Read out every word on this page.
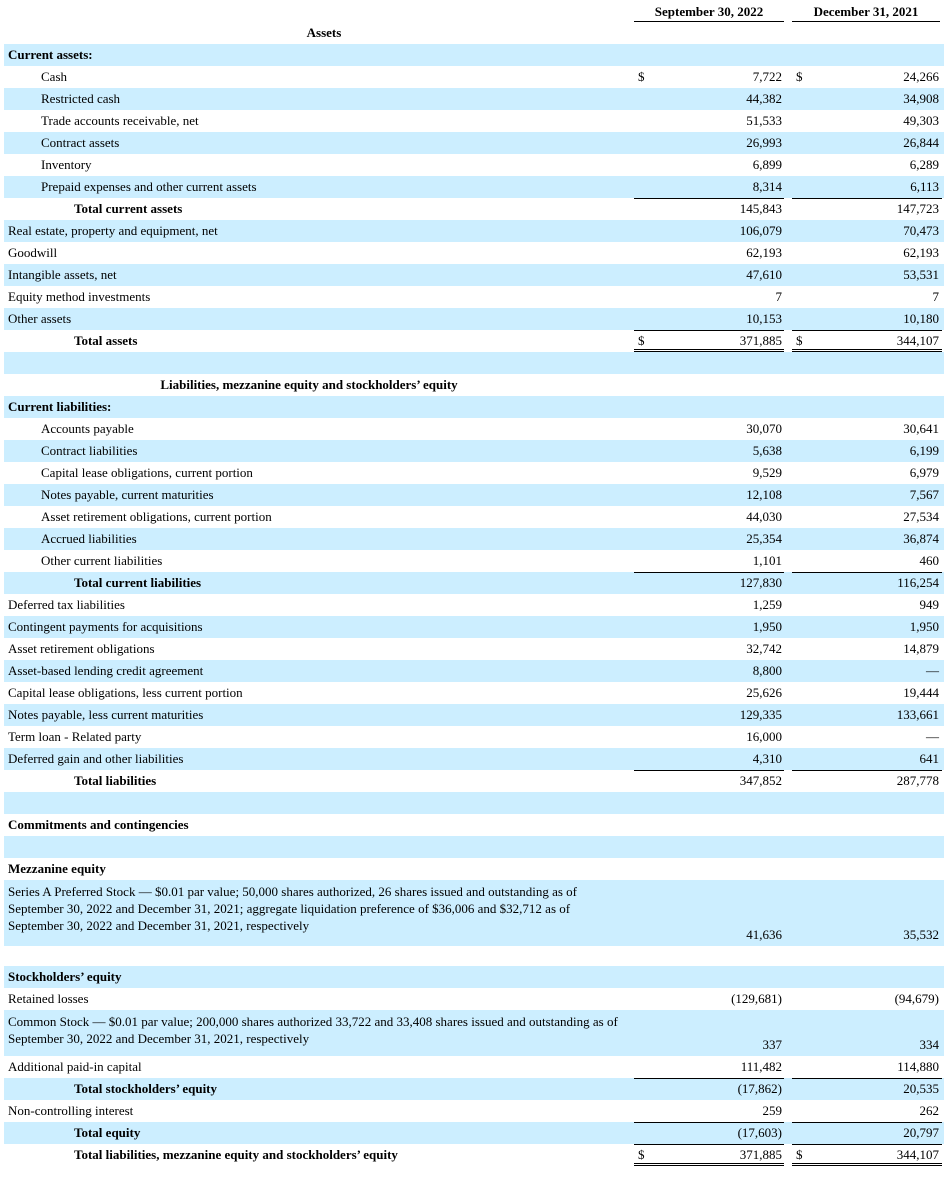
September 30, 2022	December 31, 2021
Assets
Current assets:
Cash	$	7,722 $	24,266
Restricted cash	44,382	34,908
Trade accounts receivable, net	51,533	49,303
Contract assets	26,993	26,844
Inventory	6,899	6,289
Prepaid expenses and other current assets	8,314	6,113
Total current assets	145,843	147,723
Real estate, property and equipment, net	106,079	70,473
Goodwill	62,193	62,193
Intangible assets, net	47,610	53,531
Equity method investments	7	7
Other assets	10,153	10,180
Total assets	$	371,885 $	344,107
Liabilities, mezzanine equity and stockholders’ equity
Current liabilities:
Accounts payable	30,070	30,641
Contract liabilities	5,638	6,199
Capital lease obligations, current portion	9,529	6,979
Notes payable, current maturities	12,108	7,567
Asset retirement obligations, current portion	44,030	27,534
Accrued liabilities	25,354	36,874
Other current liabilities	1,101	460
Total current liabilities	127,830	116,254
Deferred tax liabilities	1,259	949
Contingent payments for acquisitions	1,950	1,950
Asset retirement obligations	32,742	14,879
Asset-based lending credit agreement	8,800	—
Capital lease obligations, less current portion	25,626	19,444
Notes payable, less current maturities	129,335	133,661
Term loan - Related party	16,000	—
Deferred gain and other liabilities	4,310	641
Total liabilities	347,852	287,778
Commitments and contingencies
Mezzanine equity
Series A Preferred Stock — $0.01 par value; 50,000 shares authorized, 26 shares issued and outstanding as of September 30, 2022 and December 31, 2021; aggregate liquidation preference of $36,006 and $32,712 as of September 30, 2022 and December 31, 2021, respectively
41,636	35,532
Stockholders’ equity
Retained losses	(129,681)	(94,679)
Common Stock — $0.01 par value; 200,000 shares authorized 33,722 and 33,408 shares issued and outstanding as of September 30, 2022 and December 31, 2021, respectively	337	334
Additional paid-in capital	111,482	114,880
Total stockholders’ equity	(17,862)	20,535
Non-controlling interest	259	262
Total equity	(17,603)	20,797
Total liabilities, mezzanine equity and stockholders’ equity	$	371,885 $	344,107
